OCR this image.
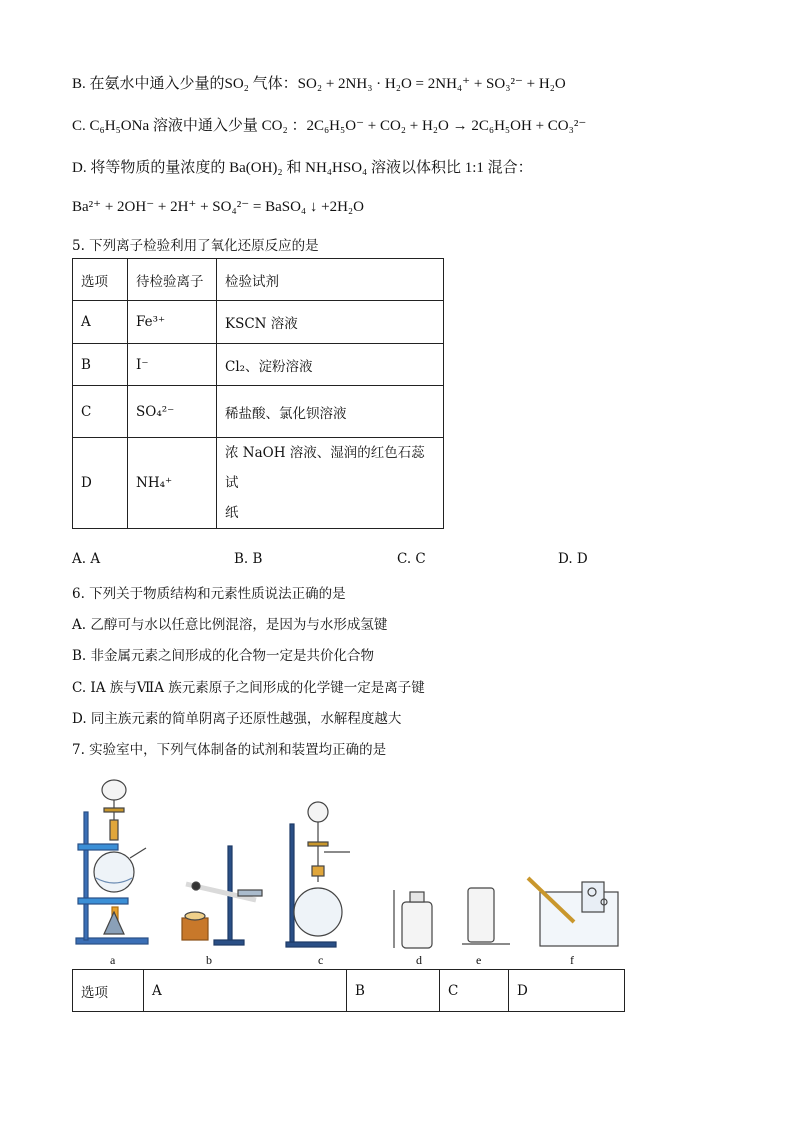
B. 在氨水中通入少量的SO₂ 气体：SO₂ + 2NH₃ · H₂O = 2NH₄⁺ + SO₃²⁻ + H₂O
C. C₆H₅ONa 溶液中通入少量 CO₂ ：2C₆H₅O⁻ + CO₂ + H₂O → 2C₆H₅OH + CO₃²⁻
D. 将等物质的量浓度的 Ba(OH)₂ 和 NH₄HSO₄ 溶液以体积比 1:1 混合：
Ba²⁺ + 2OH⁻ + 2H⁺ + SO₄²⁻ = BaSO₄ ↓ +2H₂O
5. 下列离子检验利用了氧化还原反应的是
选项	待检验离子	检验试剂
A	Fe³⁺	KSCN 溶液
B	I⁻	Cl₂、淀粉溶液
C	SO₄²⁻	稀盐酸、氯化钡溶液
D	NH₄⁺	浓 NaOH 溶液、湿润的红色石蕊试
纸
A. A	B. B	C. C	D. D
6. 下列关于物质结构和元素性质说法正确的是
A. 乙醇可与水以任意比例混溶，是因为与水形成氢键
B. 非金属元素之间形成的化合物一定是共价化合物
C. ⅠA 族与ⅦA 族元素原子之间形成的化学键一定是离子键
D. 同主族元素的简单阴离子还原性越强，水解程度越大
7. 实验室中，下列气体制备的试剂和装置均正确的是
a	b	c	d	e	f
选项	A	B	C	D
